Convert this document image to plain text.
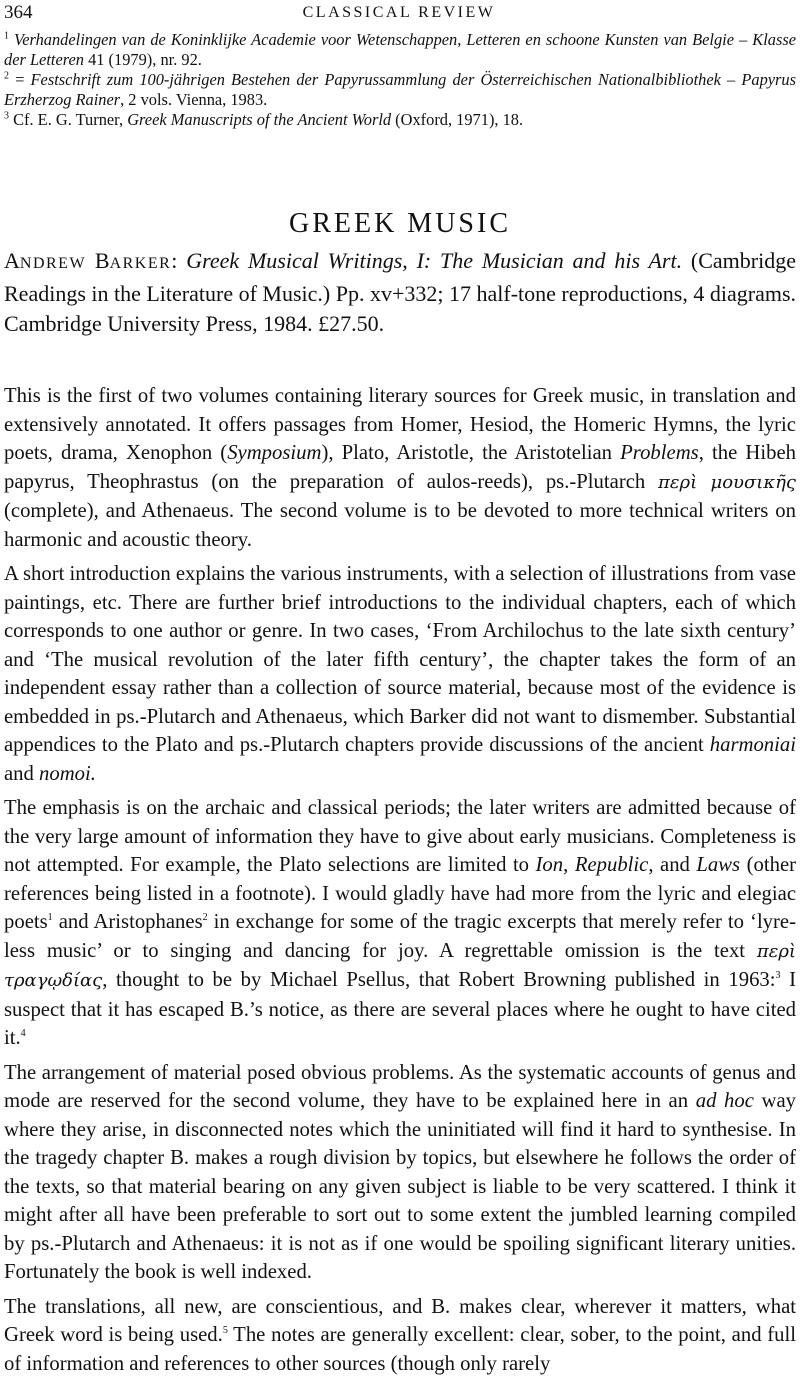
364	CLASSICAL REVIEW

$^1$ Verhandelingen van de Koninklijke Academie voor Wetenschappen, Letteren en schoone Kunsten van Belgie – Klasse der Letteren 41 (1979), nr. 92.

$^2$ = Festschrift zum 100-jährigen Bestehen der Papyrussammlung der Österreichischen Nationalbibliothek – Papyrus Erzherzog Rainer, 2 vols. Vienna, 1983.

$^3$ Cf. E. G. Turner, Greek Manuscripts of the Ancient World (Oxford, 1971), 18.

GREEK MUSIC
ANDREW BARKER: Greek Musical Writings, I: The Musician and his Art. (Cambridge Readings in the Literature of Music.) Pp. xv+332; 17 half-tone reproductions, 4 diagrams. Cambridge University Press, 1984. £27.50.

This is the first of two volumes containing literary sources for Greek music, in translation and extensively annotated. It offers passages from Homer, Hesiod, the Homeric Hymns, the lyric poets, drama, Xenophon (Symposium), Plato, Aristotle, the Aristotelian Problems, the Hibeh papyrus, Theophrastus (on the preparation of aulos-reeds), ps.-Plutarch περὶ μουσικῆς (complete), and Athenaeus. The second volume is to be devoted to more technical writers on harmonic and acoustic theory.

A short introduction explains the various instruments, with a selection of illustrations from vase paintings, etc. There are further brief introductions to the individual chapters, each of which corresponds to one author or genre. In two cases, ‘From Archilochus to the late sixth century’ and ‘The musical revolution of the later fifth century’, the chapter takes the form of an independent essay rather than a collection of source material, because most of the evidence is embedded in ps.-Plutarch and Athenaeus, which Barker did not want to dismember. Substantial appendices to the Plato and ps.-Plutarch chapters provide discussions of the ancient harmoniai and nomoi.

The emphasis is on the archaic and classical periods; the later writers are admitted because of the very large amount of information they have to give about early musicians. Completeness is not attempted. For example, the Plato selections are limited to Ion, Republic, and Laws (other references being listed in a footnote). I would gladly have had more from the lyric and elegiac poets$^1$ and Aristophanes$^2$ in exchange for some of the tragic excerpts that merely refer to ‘lyre-less music’ or to singing and dancing for joy. A regrettable omission is the text περὶ τραγῳδίας, thought to be by Michael Psellus, that Robert Browning published in 1963:$^3$ I suspect that it has escaped B.’s notice, as there are several places where he ought to have cited it.$^4$

The arrangement of material posed obvious problems. As the systematic accounts of genus and mode are reserved for the second volume, they have to be explained here in an ad hoc way where they arise, in disconnected notes which the uninitiated will find it hard to synthesise. In the tragedy chapter B. makes a rough division by topics, but elsewhere he follows the order of the texts, so that material bearing on any given subject is liable to be very scattered. I think it might after all have been preferable to sort out to some extent the jumbled learning compiled by ps.-Plutarch and Athenaeus: it is not as if one would be spoiling significant literary unities. Fortunately the book is well indexed.

The translations, all new, are conscientious, and B. makes clear, wherever it matters, what Greek word is being used.$^5$ The notes are generally excellent: clear, sober, to the point, and full of information and references to other sources (though only rarely
